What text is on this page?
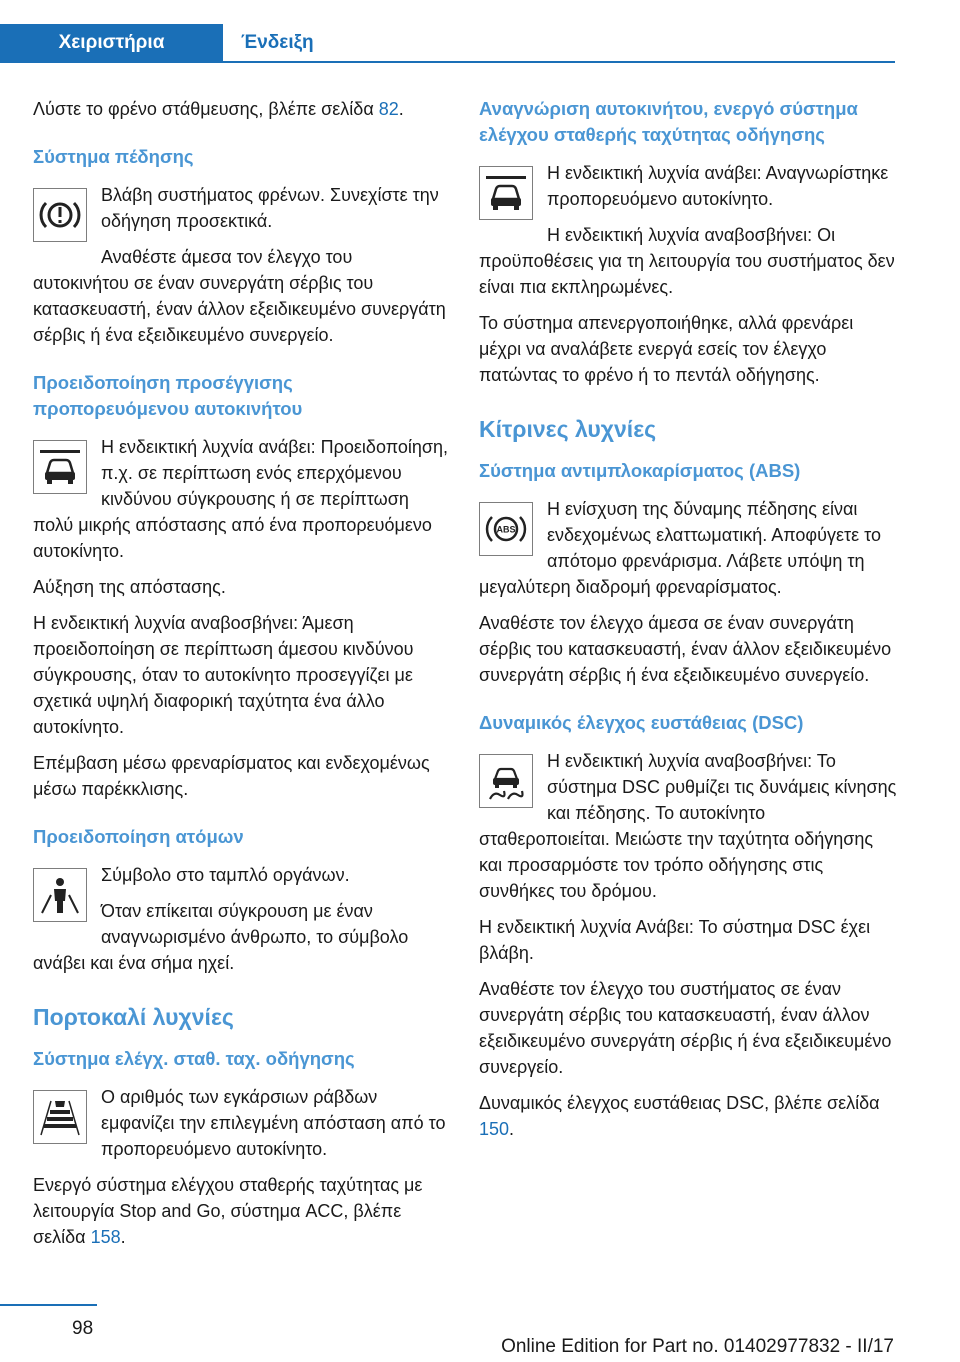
Χειριστήρια	Ένδειξη

Λύστε το φρένο στάθμευσης, βλέπε σελίδα 82.

Σύστημα πέδησης

Βλάβη συστήματος φρένων. Συνεχίστε την οδήγηση προσεκτικά.

Αναθέστε άμεσα τον έλεγχο του αυτοκινήτου σε έναν συνεργάτη σέρβις του κατασκευαστή, έναν άλλον εξειδικευμένο συνεργάτη σέρβις ή ένα εξειδικευμένο συνεργείο.

Προειδοποίηση προσέγγισης προπορευόμενου αυτοκινήτου

Η ενδεικτική λυχνία ανάβει: Προειδοποίηση, π.χ. σε περίπτωση ενός επερχόμενου κινδύνου σύγκρουσης ή σε περίπτωση πολύ μικρής απόστασης από ένα προπορευόμενο αυτοκίνητο.

Αύξηση της απόστασης.

Η ενδεικτική λυχνία αναβοσβήνει: Άμεση προειδοποίηση σε περίπτωση άμεσου κινδύνου σύγκρουσης, όταν το αυτοκίνητο προσεγγίζει με σχετικά υψηλή διαφορική ταχύτητα ένα άλλο αυτοκίνητο.

Επέμβαση μέσω φρεναρίσματος και ενδεχομένως μέσω παρέκκλισης.

Προειδοποίηση ατόμων

Σύμβολο στο ταμπλό οργάνων.

Όταν επίκειται σύγκρουση με έναν αναγνωρισμένο άνθρωπο, το σύμβολο ανάβει και ένα σήμα ηχεί.

Πορτοκαλί λυχνίες
Σύστημα ελέγχ. σταθ. ταχ. οδήγησης

Ο αριθμός των εγκάρσιων ράβδων εμφανίζει την επιλεγμένη απόσταση από το προπορευόμενο αυτοκίνητο.

Ενεργό σύστημα ελέγχου σταθερής ταχύτητας με λειτουργία Stop and Go, σύστημα ACC, βλέπε σελίδα 158.

Αναγνώριση αυτοκινήτου, ενεργό σύστημα ελέγχου σταθερής ταχύτητας οδήγησης

Η ενδεικτική λυχνία ανάβει: Αναγνωρίστηκε προπορευόμενο αυτοκίνητο.

Η ενδεικτική λυχνία αναβοσβήνει: Οι προϋποθέσεις για τη λειτουργία του συστήματος δεν είναι πια εκπληρωμένες.

Το σύστημα απενεργοποιήθηκε, αλλά φρενάρει μέχρι να αναλάβετε ενεργά εσείς τον έλεγχο πατώντας το φρένο ή το πεντάλ οδήγησης.

Κίτρινες λυχνίες
Σύστημα αντιμπλοκαρίσματος (ABS)
ABS

Η ενίσχυση της δύναμης πέδησης είναι ενδεχομένως ελαττωματική. Αποφύγετε το απότομο φρενάρισμα. Λάβετε υπόψη τη μεγαλύτερη διαδρομή φρεναρίσματος.

Αναθέστε τον έλεγχο άμεσα σε έναν συνεργάτη σέρβις του κατασκευαστή, έναν άλλον εξειδικευμένο συνεργάτη σέρβις ή ένα εξειδικευμένο συνεργείο.

Δυναμικός έλεγχος ευστάθειας (DSC)

Η ενδεικτική λυχνία αναβοσβήνει: Το σύστημα DSC ρυθμίζει τις δυνάμεις κίνησης και πέδησης. Το αυτοκίνητο σταθεροποιείται. Μειώστε την ταχύτητα οδήγησης και προσαρμόστε τον τρόπο οδήγησης στις συνθήκες του δρόμου.

Η ενδεικτική λυχνία Ανάβει: Το σύστημα DSC έχει βλάβη.

Αναθέστε τον έλεγχο του συστήματος σε έναν συνεργάτη σέρβις του κατασκευαστή, έναν άλλον εξειδικευμένο συνεργάτη σέρβις ή ένα εξειδικευμένο συνεργείο.

Δυναμικός έλεγχος ευστάθειας DSC, βλέπε σελίδα 150.

98
Online Edition for Part no. 01402977832 - II/17
